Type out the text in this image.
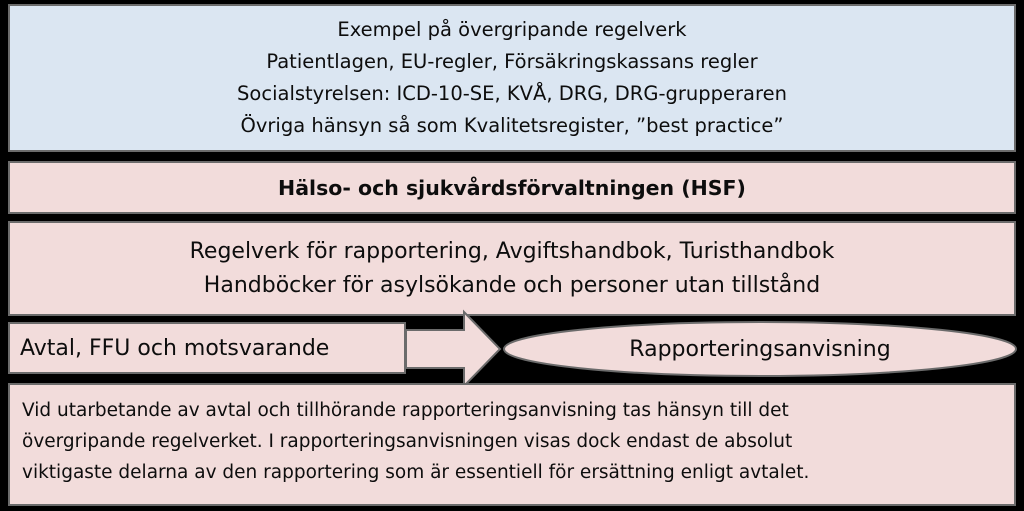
Exempel på övergripande regelverk
Patientlagen, EU-regler, Försäkringskassans regler
Socialstyrelsen: ICD-10-SE, KVÅ, DRG, DRG-grupperaren
Övriga hänsyn så som Kvalitetsregister, ”best practice”
Hälso- och sjukvårdsförvaltningen (HSF)
Regelverk för rapportering, Avgiftshandbok, Turisthandbok
Handböcker för asylsökande och personer utan tillstånd
Avtal, FFU och motsvarande	Rapporteringsanvisning
Vid utarbetande av avtal och tillhörande rapporteringsanvisning tas hänsyn till det
övergripande regelverket. I rapporteringsanvisningen visas dock endast de absolut
viktigaste delarna av den rapportering som är essentiell för ersättning enligt avtalet.
